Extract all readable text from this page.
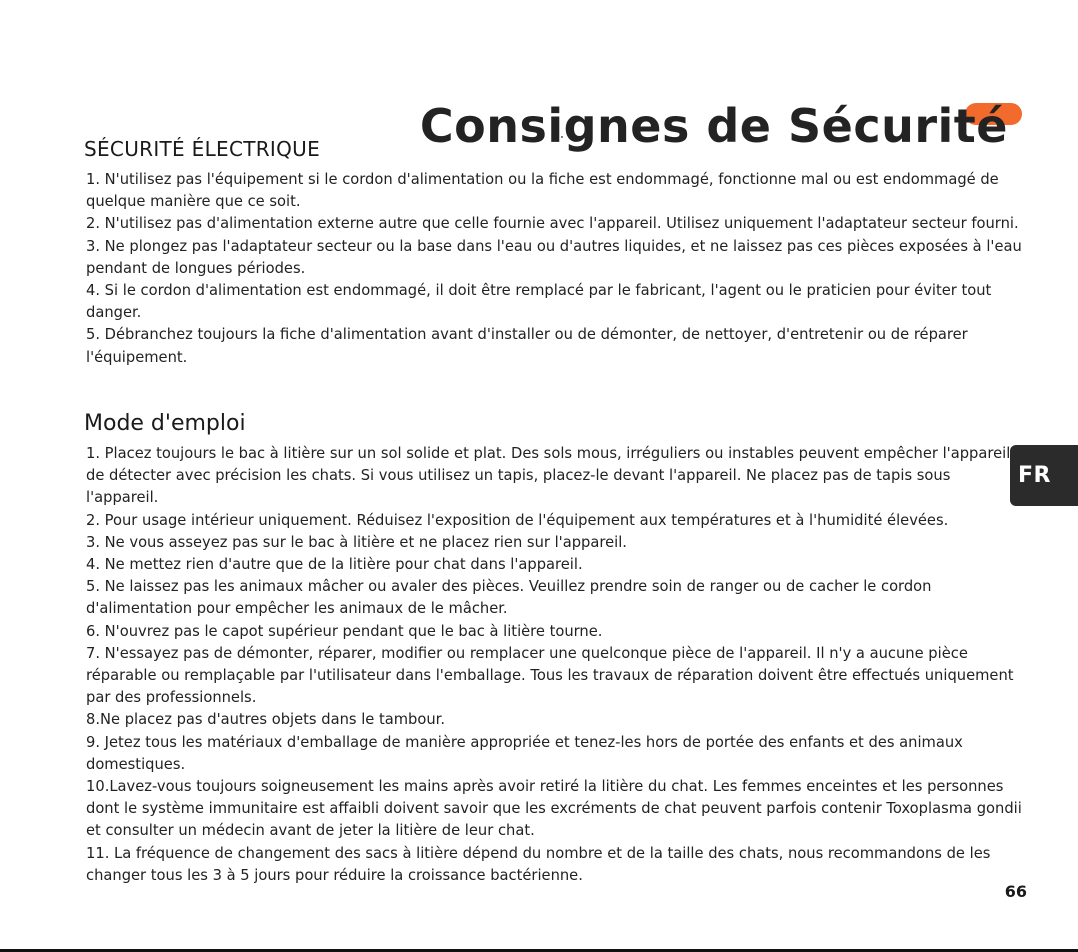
Consignes de Sécurité
SÉCURITÉ ÉLECTRIQUE
1. N'utilisez pas l'équipement si le cordon d'alimentation ou la fiche est endommagé, fonctionne mal ou est endommagé de quelque manière que ce soit.
2. N'utilisez pas d'alimentation externe autre que celle fournie avec l'appareil. Utilisez uniquement l'adaptateur secteur fourni.
3. Ne plongez pas l'adaptateur secteur ou la base dans l'eau ou d'autres liquides, et ne laissez pas ces pièces exposées à l'eau pendant de longues périodes.
4. Si le cordon d'alimentation est endommagé, il doit être remplacé par le fabricant, l'agent ou le praticien pour éviter tout danger.
5. Débranchez toujours la fiche d'alimentation avant d'installer ou de démonter, de nettoyer, d'entretenir ou de réparer l'équipement.
Mode d'emploi
1. Placez toujours le bac à litière sur un sol solide et plat. Des sols mous, irréguliers ou instables peuvent empêcher l'appareil de détecter avec précision les chats. Si vous utilisez un tapis, placez-le devant l'appareil. Ne placez pas de tapis sous l'appareil.
2. Pour usage intérieur uniquement. Réduisez l'exposition de l'équipement aux températures et à l'humidité élevées.
3. Ne vous asseyez pas sur le bac à litière et ne placez rien sur l'appareil.
4. Ne mettez rien d'autre que de la litière pour chat dans l'appareil.
5. Ne laissez pas les animaux mâcher ou avaler des pièces. Veuillez prendre soin de ranger ou de cacher le cordon d'alimentation pour empêcher les animaux de le mâcher.
6. N'ouvrez pas le capot supérieur pendant que le bac à litière tourne.
7. N'essayez pas de démonter, réparer, modifier ou remplacer une quelconque pièce de l'appareil. Il n'y a aucune pièce réparable ou remplaçable par l'utilisateur dans l'emballage. Tous les travaux de réparation doivent être effectués uniquement par des professionnels.
8.Ne placez pas d'autres objets dans le tambour.
9. Jetez tous les matériaux d'emballage de manière appropriée et tenez-les hors de portée des enfants et des animaux domestiques.
10.Lavez-vous toujours soigneusement les mains après avoir retiré la litière du chat. Les femmes enceintes et les personnes dont le système immunitaire est affaibli doivent savoir que les excréments de chat peuvent parfois contenir Toxoplasma gondii et consulter un médecin avant de jeter la litière de leur chat.
11. La fréquence de changement des sacs à litière dépend du nombre et de la taille des chats, nous recommandons de les changer tous les 3 à 5 jours pour réduire la croissance bactérienne.
FR
66
